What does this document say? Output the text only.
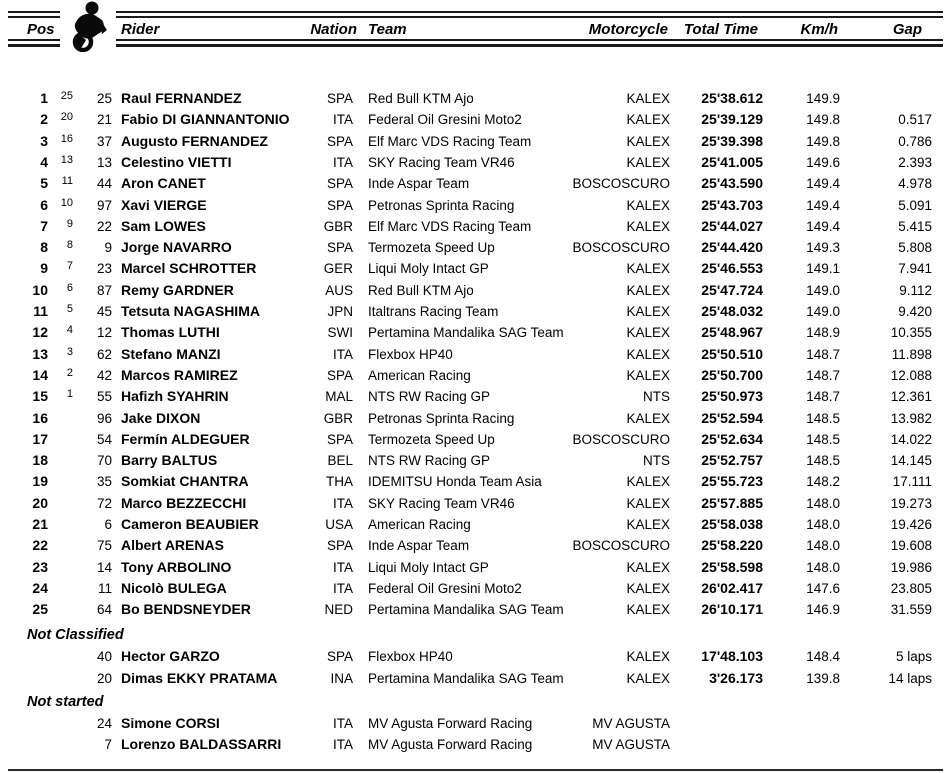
Pos	Rider	Nation Team	Motorcycle	Total Time	Km/h	Gap
1	25	25 Raul FERNANDEZ	SPA Red Bull KTM Ajo	KALEX	25'38.612	149.9
2	20	21 Fabio DI GIANNANTONIO	ITA Federal Oil Gresini Moto2	KALEX	25'39.129	149.8	0.517
3	16	37 Augusto FERNANDEZ	SPA Elf Marc VDS Racing Team	KALEX	25'39.398	149.8	0.786
4	13	13 Celestino VIETTI	ITA SKY Racing Team VR46	KALEX	25'41.005	149.6	2.393
5	11	44 Aron CANET	SPA Inde Aspar Team	BOSCOSCURO	25'43.590	149.4	4.978
6	10	97 Xavi VIERGE	SPA Petronas Sprinta Racing	KALEX	25'43.703	149.4	5.091
7	9	22 Sam LOWES	GBR Elf Marc VDS Racing Team	KALEX	25'44.027	149.4	5.415
8	8	9 Jorge NAVARRO	SPA Termozeta Speed Up	BOSCOSCURO	25'44.420	149.3	5.808
9	7	23 Marcel SCHROTTER	GER Liqui Moly Intact GP	KALEX	25'46.553	149.1	7.941
10	6	87 Remy GARDNER	AUS Red Bull KTM Ajo	KALEX	25'47.724	149.0	9.112
11	5	45 Tetsuta NAGASHIMA	JPN Italtrans Racing Team	KALEX	25'48.032	149.0	9.420
12	4	12 Thomas LUTHI	SWI Pertamina Mandalika SAG Team	KALEX	25'48.967	148.9	10.355
13	3	62 Stefano MANZI	ITA Flexbox HP40	KALEX	25'50.510	148.7	11.898
14	2	42 Marcos RAMIREZ	SPA American Racing	KALEX	25'50.700	148.7	12.088
15	1	55 Hafizh SYAHRIN	MAL NTS RW Racing GP	NTS	25'50.973	148.7	12.361
16	96 Jake DIXON	GBR Petronas Sprinta Racing	KALEX	25'52.594	148.5	13.982
17	54 Fermín ALDEGUER	SPA Termozeta Speed Up	BOSCOSCURO	25'52.634	148.5	14.022
18	70 Barry BALTUS	BEL NTS RW Racing GP	NTS	25'52.757	148.5	14.145
19	35 Somkiat CHANTRA	THA IDEMITSU Honda Team Asia	KALEX	25'55.723	148.2	17.111
20	72 Marco BEZZECCHI	ITA SKY Racing Team VR46	KALEX	25'57.885	148.0	19.273
21	6 Cameron BEAUBIER	USA American Racing	KALEX	25'58.038	148.0	19.426
22	75 Albert ARENAS	SPA Inde Aspar Team	BOSCOSCURO	25'58.220	148.0	19.608
23	14 Tony ARBOLINO	ITA Liqui Moly Intact GP	KALEX	25'58.598	148.0	19.986
24	11 Nicolò BULEGA	ITA Federal Oil Gresini Moto2	KALEX	26'02.417	147.6	23.805
25	64 Bo BENDSNEYDER	NED Pertamina Mandalika SAG Team	KALEX	26'10.171	146.9	31.559
Not Classified
40 Hector GARZO	SPA Flexbox HP40	KALEX	17'48.103	148.4	5 laps
20 Dimas EKKY PRATAMA	INA Pertamina Mandalika SAG Team	KALEX	3'26.173	139.8	14 laps
Not started
24 Simone CORSI	ITA MV Agusta Forward Racing	MV AGUSTA
7 Lorenzo BALDASSARRI	ITA MV Agusta Forward Racing	MV AGUSTA
